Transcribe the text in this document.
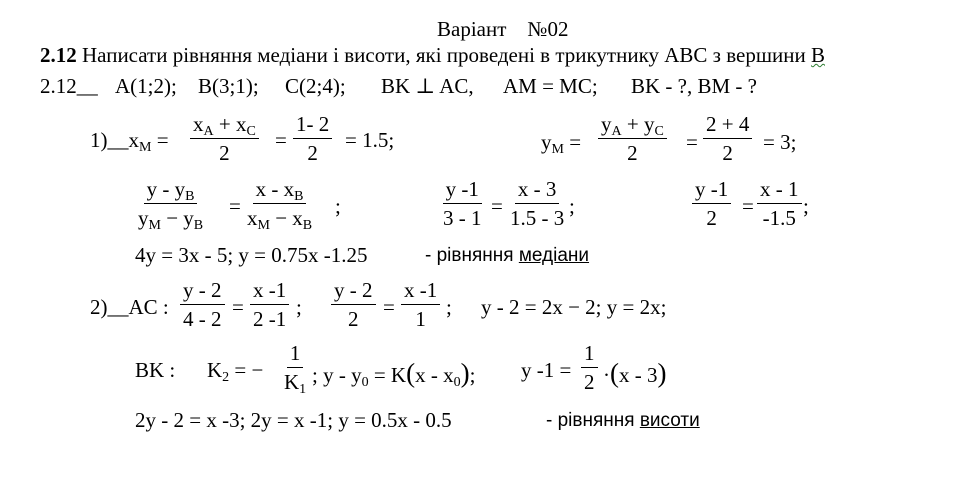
Варіант №02
2.12 Написати рівняння медіани і висоти, які проведені в трикутнику АВС з вершини В
2.12__ A(1;2); B(3;1); C(2;4); BK ⊥ AC, AM = MC; BK - ?, BM - ?
$1)\_\_x_M = \frac{x_A + x_C}{2} = \frac{1- 2}{2} = 1.5$;	$y_M = \frac{y_A + y_C}{2} = \frac{2 + 4}{2} = 3$;
$\frac{y - y_B}{y_M - y_B} = \frac{x - x_B}{x_M - x_B}$ ;	$\frac{y -1}{3 - 1} = \frac{x - 3}{1.5 - 3}$ ;	$\frac{y -1}{2} = \frac{x - 1}{-1.5}$ ;
4y = 3x - 5; y = 0.75x -1.25	- рівняння медіани
2)__AC : $\frac{y - 2}{4 - 2} = \frac{x -1}{2 -1}$ ; $\frac{y - 2}{2} = \frac{x -1}{1}$ ; y - 2 = 2x − 2; y = 2x;
BK : $K_2$ = − $\frac{1}{K_1}$ ; $y - y_0 = K(x - x_0)$; y $-1 = \frac{1}{2} \cdot(x - 3)$
2y - 2 = x -3; 2y = x -1; y = 0.5x - 0.5	- рівняння висоти
